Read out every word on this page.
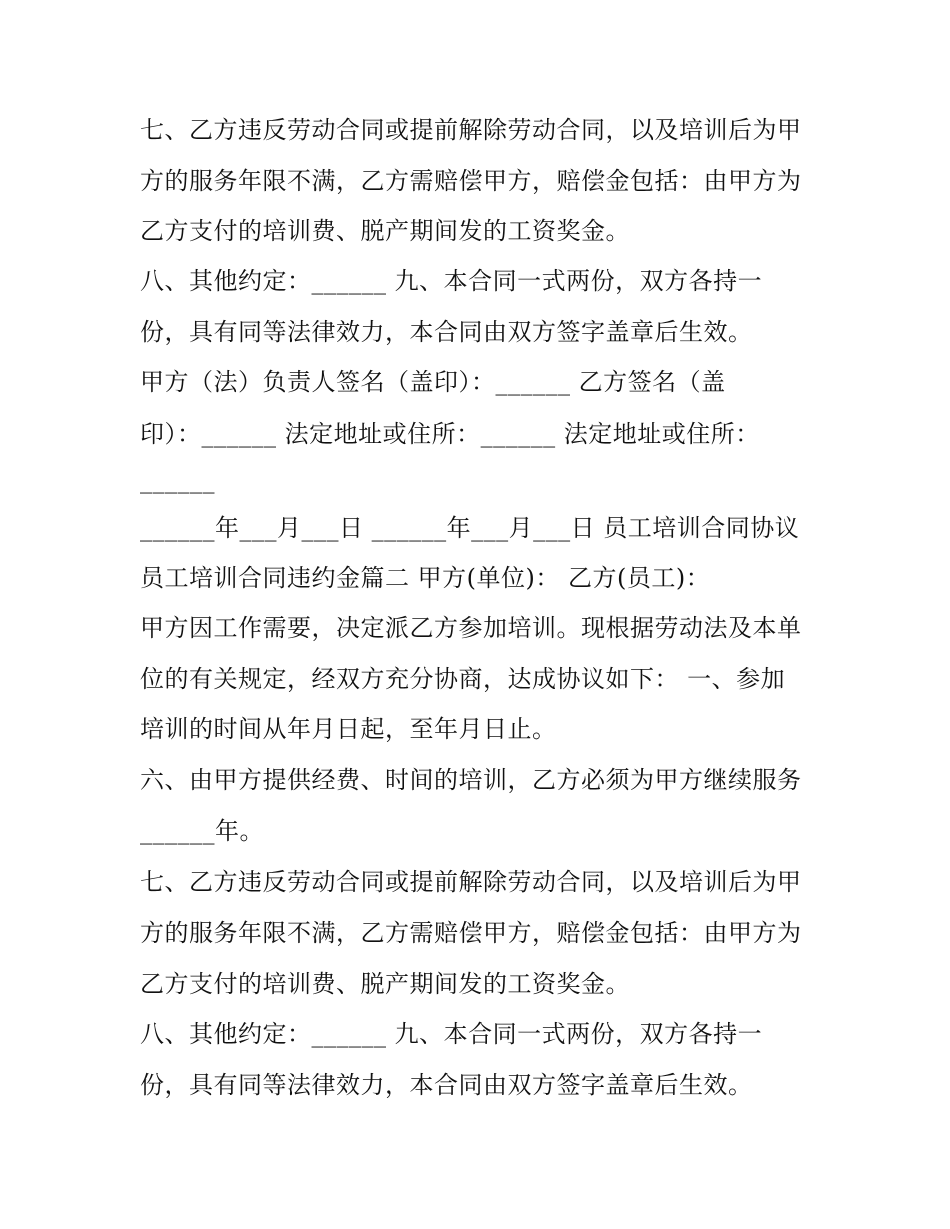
七、乙方违反劳动合同或提前解除劳动合同，以及培训后为甲
方的服务年限不满，乙方需赔偿甲方，赔偿金包括：由甲方为
乙方支付的培训费、脱产期间发的工资奖金。
八、其他约定：______ 九、本合同一式两份，双方各持一
份，具有同等法律效力，本合同由双方签字盖章后生效。
甲方（法）负责人签名（盖印）：______ 乙方签名（盖
印）：______ 法定地址或住所：______ 法定地址或住所：
______
______年___月___日 ______年___月___日 员工培训合同协议
员工培训合同违约金篇二 甲方(单位)： 乙方(员工)：
甲方因工作需要，决定派乙方参加培训。现根据劳动法及本单
位的有关规定，经双方充分协商，达成协议如下： 一、参加
培训的时间从年月日起，至年月日止。
六、由甲方提供经费、时间的培训，乙方必须为甲方继续服务
______年。
七、乙方违反劳动合同或提前解除劳动合同，以及培训后为甲
方的服务年限不满，乙方需赔偿甲方，赔偿金包括：由甲方为
乙方支付的培训费、脱产期间发的工资奖金。
八、其他约定：______ 九、本合同一式两份，双方各持一
份，具有同等法律效力，本合同由双方签字盖章后生效。
